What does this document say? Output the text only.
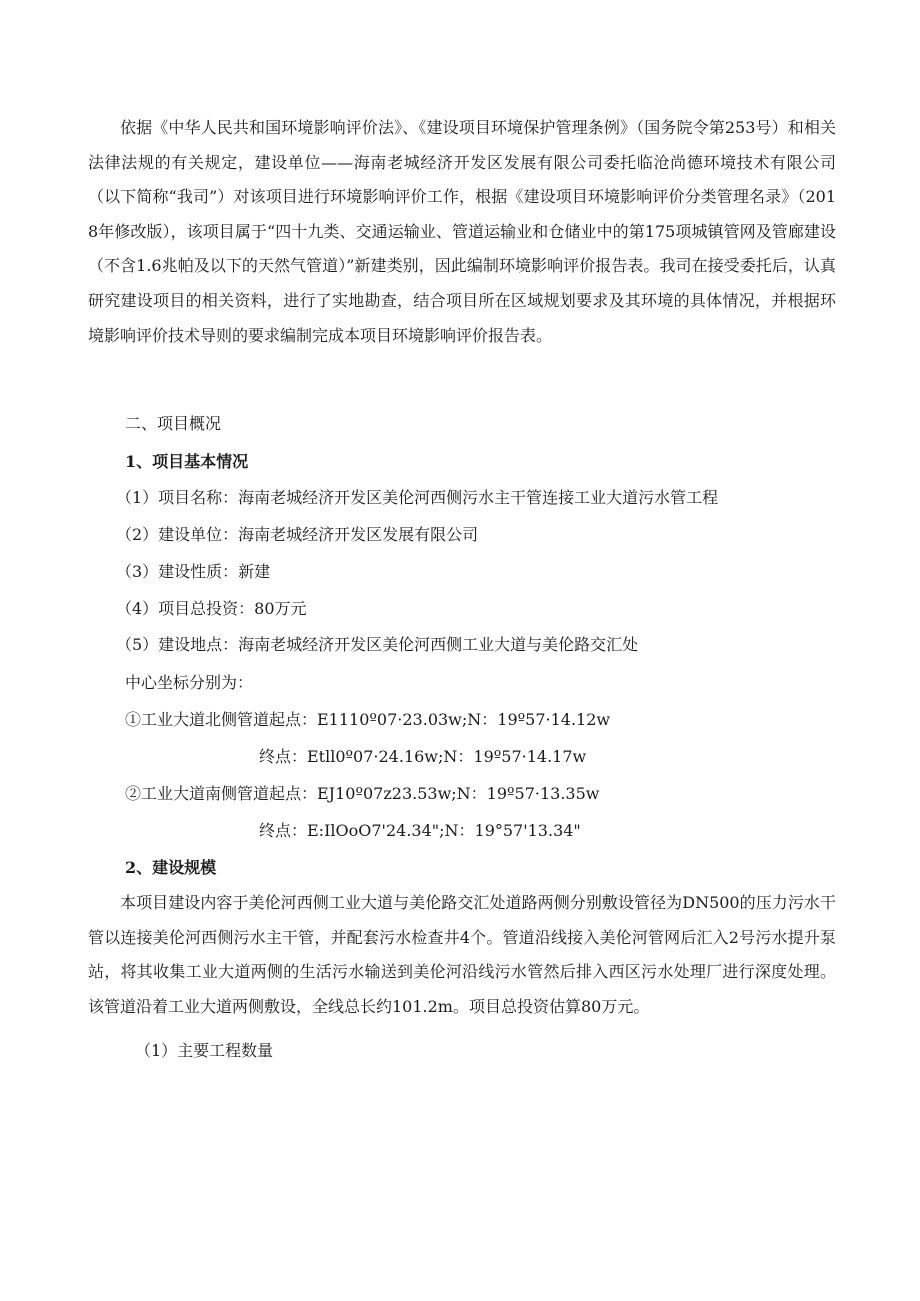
依据《中华人民共和国环境影响评价法》、《建设项目环境保护管理条例》（国务院令第253号）和相关法律法规的有关规定，建设单位——海南老城经济开发区发展有限公司委托临沧尚德环境技术有限公司（以下简称“我司”）对该项目进行环境影响评价工作，根据《建设项目环境影响评价分类管理名录》（2018年修改版），该项目属于“四十九类、交通运输业、管道运输业和仓储业中的第175项城镇管网及管廊建设（不含1.6兆帕及以下的天然气管道）”新建类别，因此编制环境影响评价报告表。我司在接受委托后，认真研究建设项目的相关资料，进行了实地勘查，结合项目所在区域规划要求及其环境的具体情况，并根据环境影响评价技术导则的要求编制完成本项目环境影响评价报告表。

二、项目概况

1、项目基本情况

（1）项目名称：海南老城经济开发区美伦河西侧污水主干管连接工业大道污水管工程

（2）建设单位：海南老城经济开发区发展有限公司

（3）建设性质：新建

（4）项目总投资：80万元

（5）建设地点：海南老城经济开发区美伦河西侧工业大道与美伦路交汇处

中心坐标分别为：

①工业大道北侧管道起点：E1110º07·23.03w;N：19º57·14.12w

终点：Etll0º07·24.16w;N：19º57·14.17w

②工业大道南侧管道起点：EJ10º07z23.53w;N：19º57·13.35w

终点：E:IlOoO7'24.34";N：19°57'13.34"

2、建设规模

本项目建设内容于美伦河西侧工业大道与美伦路交汇处道路两侧分别敷设管径为DN500的压力污水干管以连接美伦河西侧污水主干管，并配套污水检查井4个。管道沿线接入美伦河管网后汇入2号污水提升泵站，将其收集工业大道两侧的生活污水输送到美伦河沿线污水管然后排入西区污水处理厂进行深度处理。该管道沿着工业大道两侧敷设，全线总长约101.2m。项目总投资估算80万元。

（1）主要工程数量
